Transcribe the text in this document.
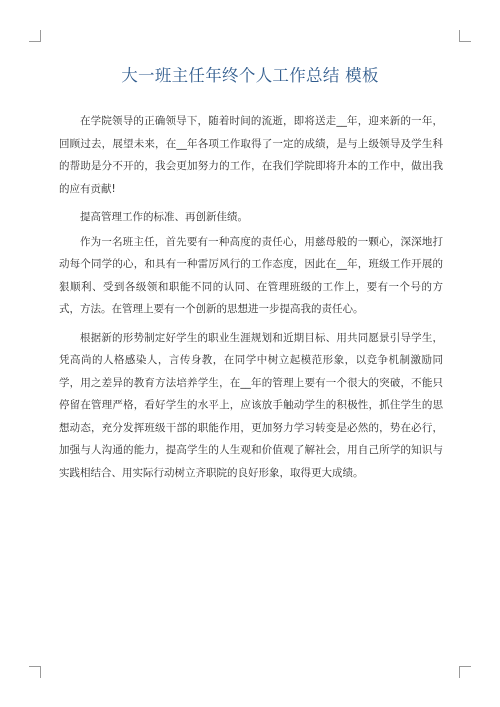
大一班主任年终个人工作总结 模板

在学院领导的正确领导下，随着时间的流逝，即将送走__年，迎来新的一年，回顾过去，展望未来，在__年各项工作取得了一定的成绩，是与上级领导及学生科的帮助是分不开的，我会更加努力的工作，在我们学院即将升本的工作中，做出我的应有贡献!

提高管理工作的标准、再创新佳绩。

作为一名班主任，首先要有一种高度的责任心，用慈母般的一颗心，深深地打动每个同学的心，和具有一种雷厉风行的工作态度，因此在__年，班级工作开展的狠顺利、受到各级领和职能不同的认同、在管理班级的工作上，要有一个号的方式，方法。在管理上要有一个创新的思想进一步提高我的责任心。

根据新的形势制定好学生的职业生涯规划和近期目标、用共同愿景引导学生，凭高尚的人格感染人，言传身教，在同学中树立起模范形象，以竞争机制激励同学，用之差异的教育方法培养学生，在__年的管理上要有一个很大的突破，不能只停留在管理严格，看好学生的水平上，应该放手触动学生的积极性，抓住学生的思想动态，充分发挥班级干部的职能作用，更加努力学习转变是必然的，势在必行，加强与人沟通的能力，提高学生的人生观和价值观了解社会，用自己所学的知识与实践相结合、用实际行动树立齐职院的良好形象，取得更大成绩。
